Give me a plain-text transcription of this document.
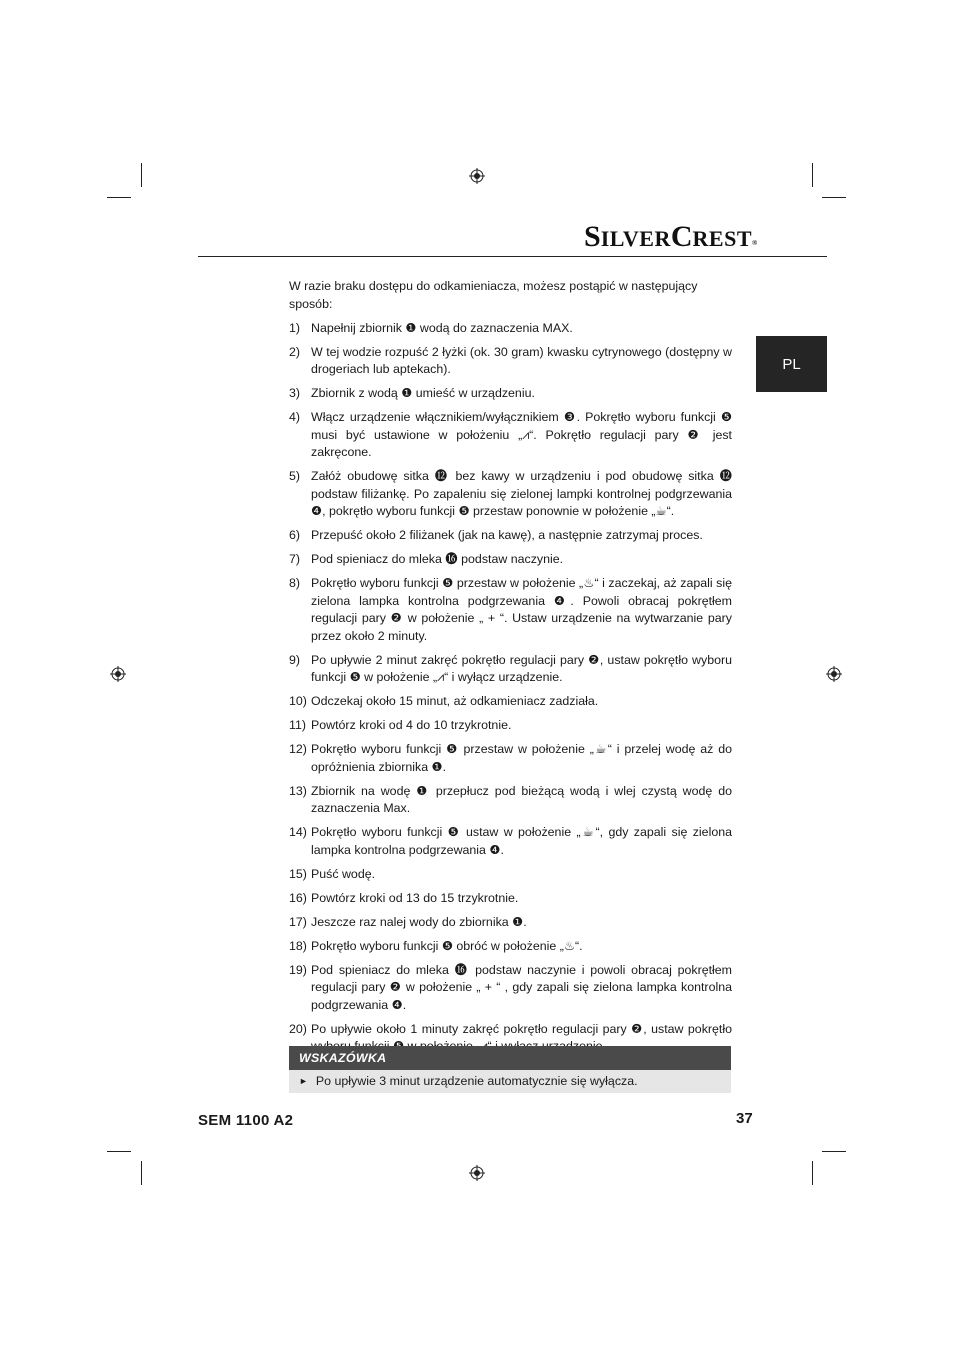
SILVERCREST®
PL

W razie braku dostępu do odkamieniacza, możesz postąpić w następujący sposób:

1) Napełnij zbiornik ❶ wodą do zaznaczenia MAX.
2) W tej wodzie rozpuść 2 łyżki (ok. 30 gram) kwasku cytrynowego (dostępny w drogeriach lub aptekach).
3) Zbiornik z wodą ❶ umieść w urządzeniu.
4) Włącz urządzenie włącznikiem/wyłącznikiem ❸. Pokrętło wyboru funkcji ❺ musi być ustawione w położeniu „⩘“. Pokrętło regulacji pary ❷ jest zakręcone.
5) Załóż obudowę sitka ⓬ bez kawy w urządzeniu i pod obudowę sitka ⓬ podstaw filiżankę. Po zapaleniu się zielonej lampki kontrolnej podgrzewania ❹, pokrętło wyboru funkcji ❺ przestaw ponownie w położenie „☕“.
6) Przepuść około 2 filiżanek (jak na kawę), a następnie zatrzymaj proces.
7) Pod spieniacz do mleka ⓰ podstaw naczynie.
8) Pokrętło wyboru funkcji ❺ przestaw w położenie „♨“ i zaczekaj, aż zapali się zielona lampka kontrolna podgrzewania ❹. Powoli obracaj pokrętłem regulacji pary ❷ w położenie „ + “. Ustaw urządzenie na wytwarzanie pary przez około 2 minuty.
9) Po upływie 2 minut zakręć pokrętło regulacji pary ❷, ustaw pokrętło wyboru funkcji ❺ w położenie „⩘“ i wyłącz urządzenie.
10) Odczekaj około 15 minut, aż odkamieniacz zadziała.
11) Powtórz kroki od 4 do 10 trzykrotnie.
12) Pokrętło wyboru funkcji ❺ przestaw w położenie „☕“ i przelej wodę aż do opróżnienia zbiornika ❶.
13) Zbiornik na wodę ❶ przepłucz pod bieżącą wodą i wlej czystą wodę do zaznaczenia Max.
14) Pokrętło wyboru funkcji ❺ ustaw w położenie „☕“, gdy zapali się zielona lampka kontrolna podgrzewania ❹.
15) Puść wodę.
16) Powtórz kroki od 13 do 15 trzykrotnie.
17) Jeszcze raz nalej wody do zbiornika ❶.
18) Pokrętło wyboru funkcji ❺ obróć w położenie „♨“.
19) Pod spieniacz do mleka ⓰ podstaw naczynie i powoli obracaj pokrętłem regulacji pary ❷ w położenie „ + “ , gdy zapali się zielona lampka kontrolna podgrzewania ❹.
20) Po upływie około 1 minuty zakręć pokrętło regulacji pary ❷, ustaw pokrętło
WSKAZÓWKA
► Po upływie 3 minut urządzenie automatycznie się wyłącza.
SEM 1100 A2	37
